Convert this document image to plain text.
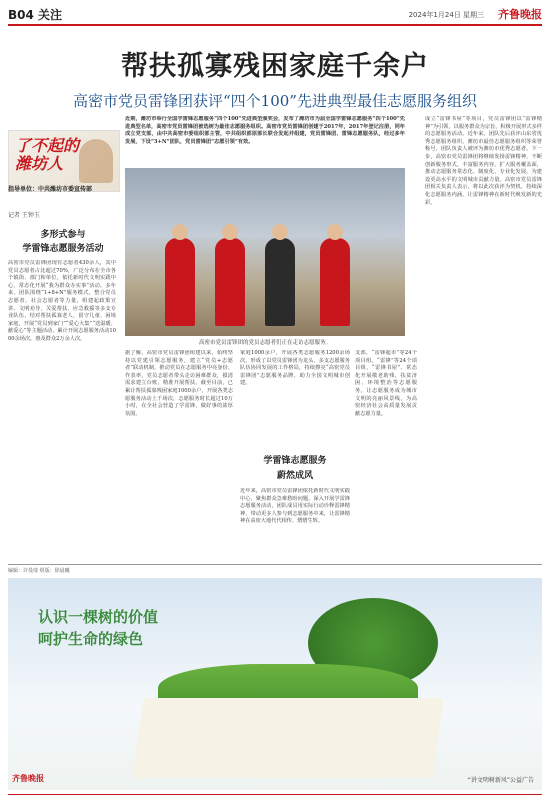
B04 关注	2024年1月24日 星期三 齐鲁晚报
帮扶孤寡残困家庭千余户
高密市党员雷锋团获评“四个100”先进典型最佳志愿服务组织
了不起的潍坊人
指导单位：中共潍坊市委宣传部
记者 王钟玉
多形式参与
学雷锋志愿服务活动
高密市党员雷锋团现有志愿者430余人，其中党员志愿者占比超过70%，广泛分布在全市各个镇街、部门和单位，依托新时代文明实践中心，常态化开展“我为群众办实事”活动。多年来，团队围绕“1+8+N”服务模式，整合党员志愿者、社会志愿者等力量，组建起政策宣讲、文明劝导、关爱帮扶、应急救援等多支专业队伍，结对帮扶孤寡老人、留守儿童、困境家庭，开展“党员到家门”“爱心大集”“送温暖、献爱心”等主题活动，累计开展志愿服务活动1000余场次，惠及群众2万余人次。
近期，潍坊市举行全国学雷锋志愿服务“四个100”先进典型颁奖会，发布了潍坊市为届全国学雷锋志愿服务“四个100”先进典型名单，高密市党员雷锋团被选树为最佳志愿服务组织。高密市党员雷锋团创建于2017年，2017年登记注册，同年成立党支部，由中共高密市委组织部主管，中共组织部原部长联合发起并组建，党员雷锋团、雷锋志愿服务队，经过多年发展，下设“3+N”团队，党员雷锋团“志愿引领”有效。
高密市党员雷锋团的党员志愿者们正在走访志愿服务。
据了解，高密市党员雷锋团组建以来，始终坚持以党建引领志愿服务，建立“党员+志愿者”联动机制，推动党员在志愿服务中亮身份、作表率，党员志愿者带头走访困难群众，摸清需求建立台账，精准开展帮扶。截至目前，已累计帮扶孤寡残困家庭1000余户，开展各类志愿服务活动上千场次，志愿服务时长超过10万小时，在全社会营造了学雷锋、做好事的浓厚氛围。
家庭1000余户，开展各类志愿服务1200余场次，形成了以党员雷锋团为龙头、多支志愿服务队伍协同发展的工作格局，持续擦亮“高密党员雷锋团”志愿服务品牌，助力全国文明城市创建。
学雷锋志愿服务
蔚然成风
近年来，高密市党员雷锋团依托新时代文明实践中心，聚焦群众急难愁盼问题，深入开展学雷锋志愿服务活动，团队成员用实际行动诠释雷锋精神，带动更多人参与到志愿服务中来，让雷锋精神在高密大地代代相传、熠熠生辉。
支部，“雷锋超市”等24个项目组，“雷锋”等24个项目组，“雷锋书屋”、常态化开展敬老助残、扶贫济困、环境整治等志愿服务，让志愿服务成为城市文明的亮丽风景线，为高密经济社会高质量发展贡献志愿力量。
成立“雷锋书屋”等项目，党员雷锋团以“雷锋精神”为引领，以服务群众为宗旨，积极开展形式多样的志愿服务活动。近年来，团队先后获评山东省优秀志愿服务组织、潍坊市最佳志愿服务组织等荣誉称号，团队负责人被评为潍坊市优秀志愿者。下一步，高密市党员雷锋团将继续发扬雷锋精神，不断创新服务形式，丰富服务内容，扩大服务覆盖面，推动志愿服务常态化、制度化、专业化发展，为建设更高水平的文明城市贡献力量。高密市党员雷锋团相关负责人表示，将以此次获评为契机，持续深化志愿服务内涵，让雷锋精神在新时代焕发新的光彩。
编辑：许曼琦 组版：徐晨曦
认识一棵树的价值
呵护生命的绿色
齐鲁晚报	“讲文明树新风”公益广告
